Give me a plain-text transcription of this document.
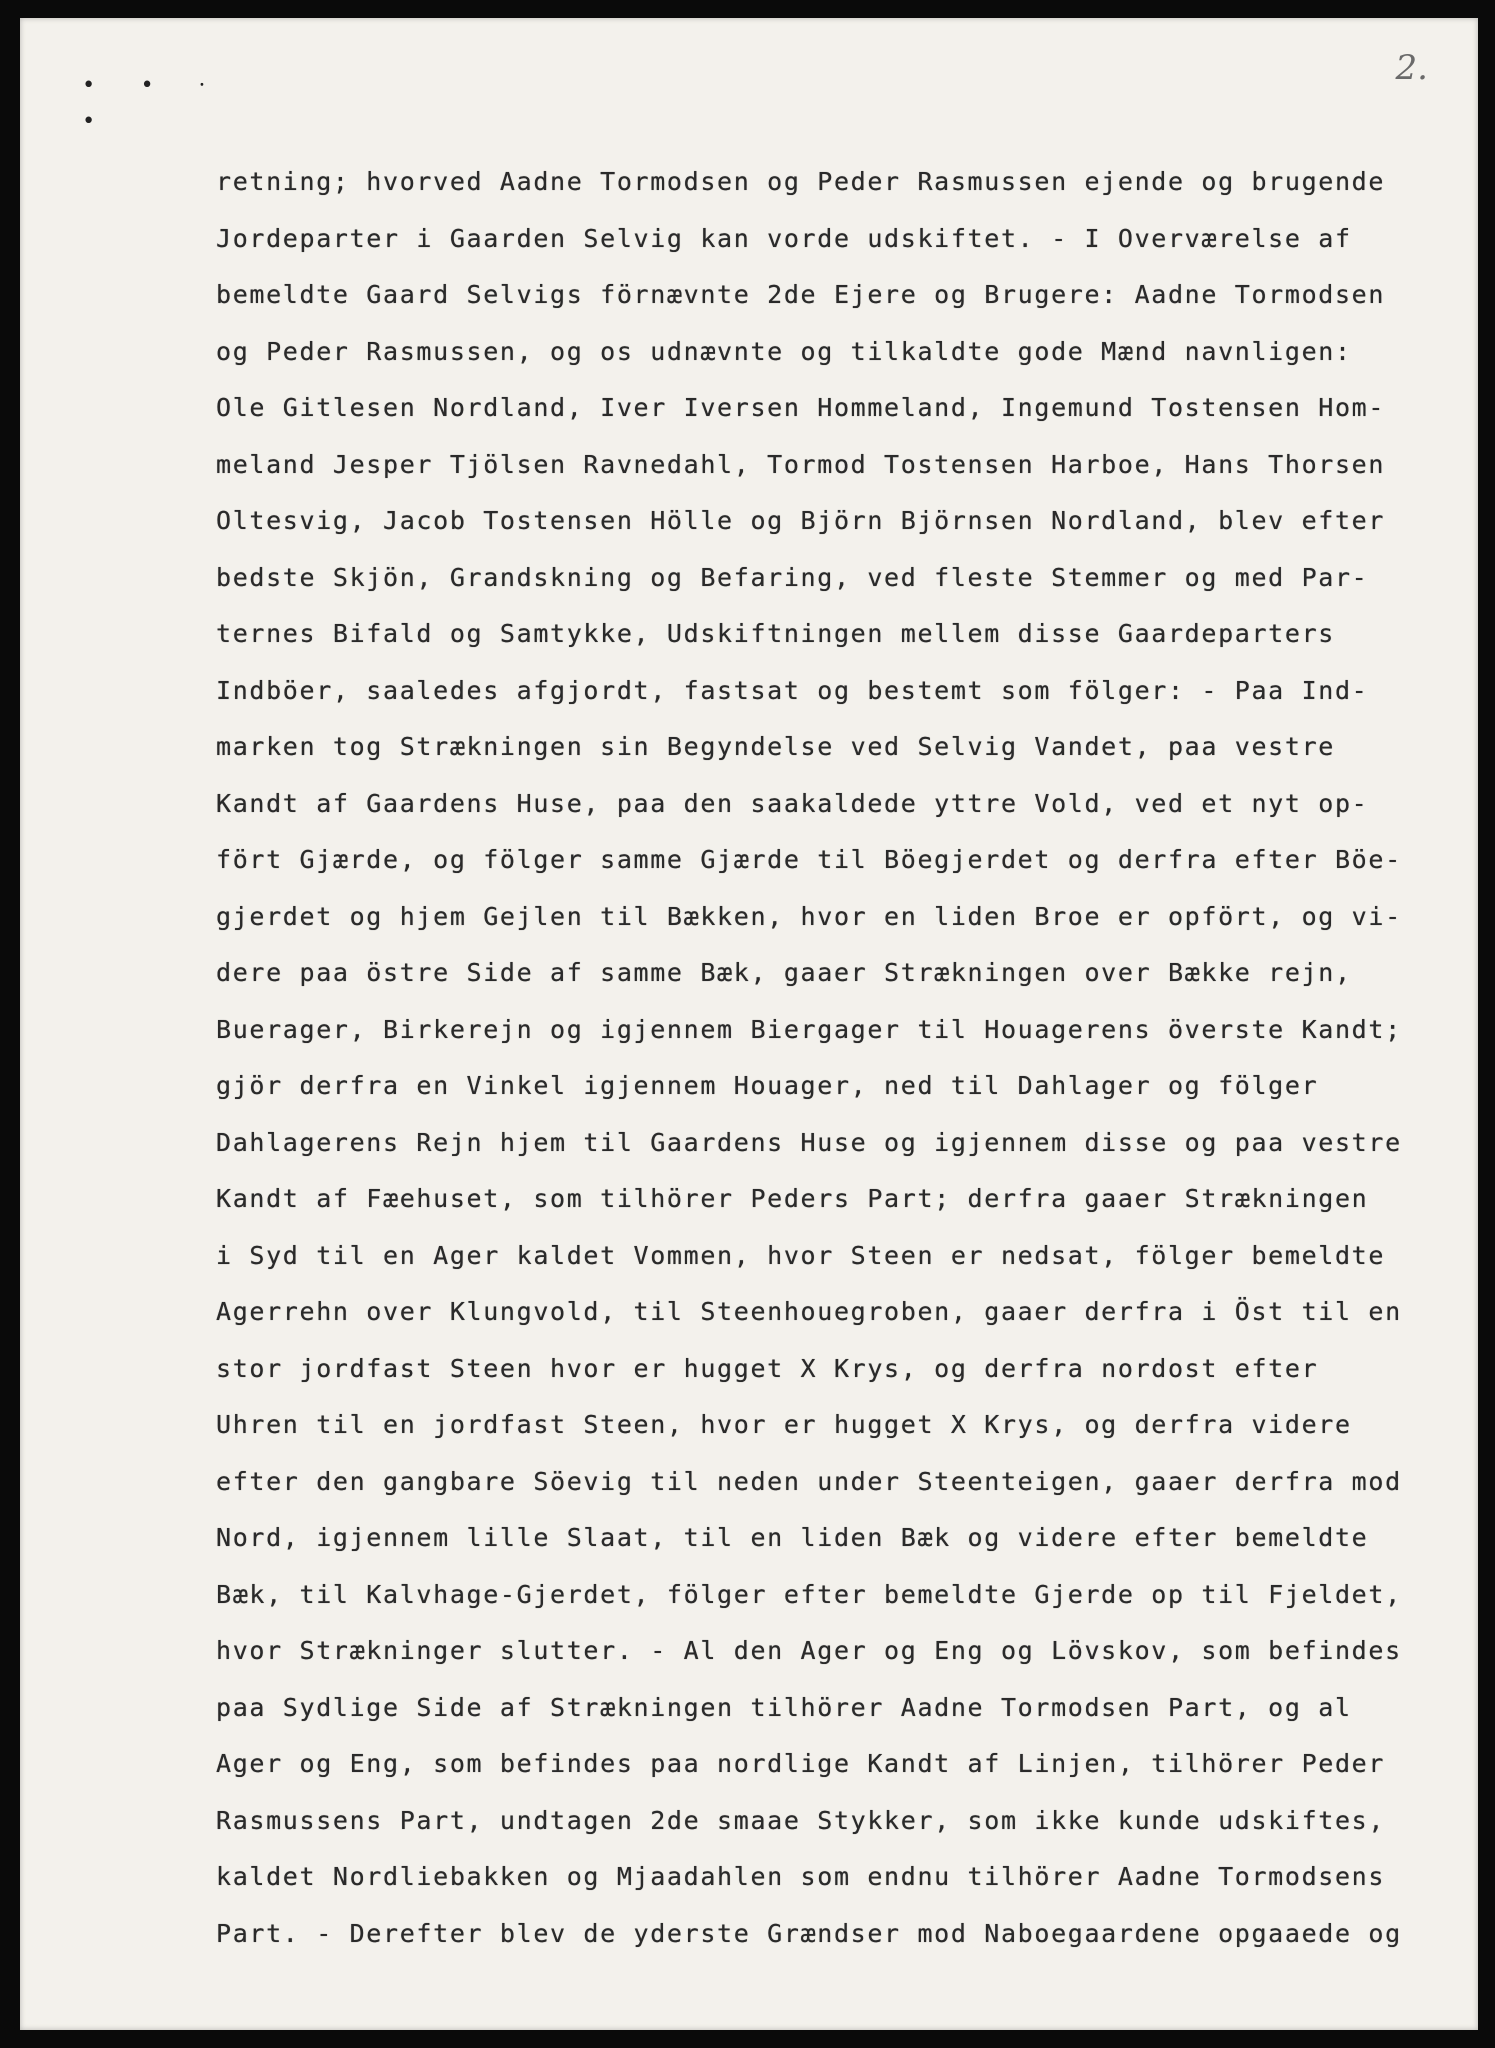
• • ⸱
•
2.
retning; hvorved Aadne Tormodsen og Peder Rasmussen ejende og brugende
Jordeparter i Gaarden Selvig kan vorde udskiftet. - I Overværelse af
bemeldte Gaard Selvigs förnævnte 2de Ejere og Brugere: Aadne Tormodsen
og Peder Rasmussen, og os udnævnte og tilkaldte gode Mænd navnligen:
Ole Gitlesen Nordland, Iver Iversen Hommeland, Ingemund Tostensen Hom-
meland Jesper Tjölsen Ravnedahl, Tormod Tostensen Harboe, Hans Thorsen
Oltesvig, Jacob Tostensen Hölle og Björn Björnsen Nordland, blev efter
bedste Skjön, Grandskning og Befaring, ved fleste Stemmer og med Par-
ternes Bifald og Samtykke, Udskiftningen mellem disse Gaardeparters
Indböer, saaledes afgjordt, fastsat og bestemt som fölger: - Paa Ind-
marken tog Strækningen sin Begyndelse ved Selvig Vandet, paa vestre
Kandt af Gaardens Huse, paa den saakaldede yttre Vold, ved et nyt op-
fört Gjærde, og fölger samme Gjærde til Böegjerdet og derfra efter Böe-
gjerdet og hjem Gejlen til Bækken, hvor en liden Broe er opfört, og vi-
dere paa östre Side af samme Bæk, gaaer Strækningen over Bække rejn,
Buerager, Birkerejn og igjennem Biergager til Houagerens överste Kandt;
gjör derfra en Vinkel igjennem Houager, ned til Dahlager og fölger
Dahlagerens Rejn hjem til Gaardens Huse og igjennem disse og paa vestre
Kandt af Fæehuset, som tilhörer Peders Part; derfra gaaer Strækningen
i Syd til en Ager kaldet Vommen, hvor Steen er nedsat, fölger bemeldte
Agerrehn over Klungvold, til Steenhouegroben, gaaer derfra i Öst til en
stor jordfast Steen hvor er hugget X Krys, og derfra nordost efter
Uhren til en jordfast Steen, hvor er hugget X Krys, og derfra videre
efter den gangbare Söevig til neden under Steenteigen, gaaer derfra mod
Nord, igjennem lille Slaat, til en liden Bæk og videre efter bemeldte
Bæk, til Kalvhage-Gjerdet, fölger efter bemeldte Gjerde op til Fjeldet,
hvor Strækninger slutter. - Al den Ager og Eng og Lövskov, som befindes
paa Sydlige Side af Strækningen tilhörer Aadne Tormodsen Part, og al
Ager og Eng, som befindes paa nordlige Kandt af Linjen, tilhörer Peder
Rasmussens Part, undtagen 2de smaae Stykker, som ikke kunde udskiftes,
kaldet Nordliebakken og Mjaadahlen som endnu tilhörer Aadne Tormodsens
Part. - Derefter blev de yderste Grændser mod Naboegaardene opgaaede og
